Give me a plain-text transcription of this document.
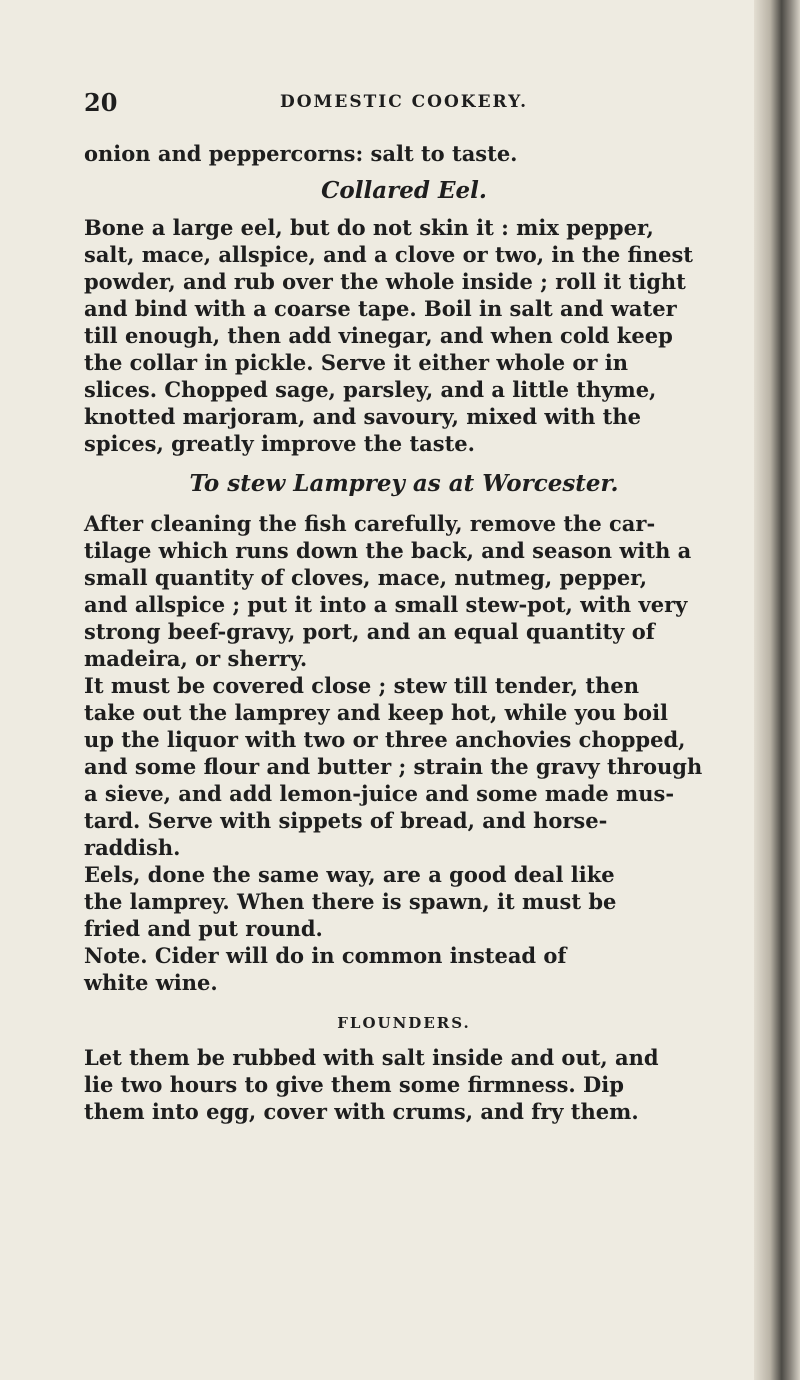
20	DOMESTIC COOKERY.
onion and peppercorns: salt to taste.
Collared Eel.
Bone a large eel, but do not skin it : mix pepper,
salt, mace, allspice, and a clove or two, in the finest
powder, and rub over the whole inside ; roll it tight
and bind with a coarse tape. Boil in salt and water
till enough, then add vinegar, and when cold keep
the collar in pickle. Serve it either whole or in
slices. Chopped sage, parsley, and a little thyme,
knotted marjoram, and savoury, mixed with the
spices, greatly improve the taste.
To stew Lamprey as at Worcester.
After cleaning the fish carefully, remove the car-
tilage which runs down the back, and season with a
small quantity of cloves, mace, nutmeg, pepper,
and allspice ; put it into a small stew-pot, with very
strong beef-gravy, port, and an equal quantity of
madeira, or sherry.
It must be covered close ; stew till tender, then
take out the lamprey and keep hot, while you boil
up the liquor with two or three anchovies chopped,
and some flour and butter ; strain the gravy through
a sieve, and add lemon-juice and some made mus-
tard. Serve with sippets of bread, and horse-
raddish.
Eels, done the same way, are a good deal like
the lamprey. When there is spawn, it must be
fried and put round.
Note. Cider will do in common instead of
white wine.
FLOUNDERS.
Let them be rubbed with salt inside and out, and
lie two hours to give them some firmness. Dip
them into egg, cover with crums, and fry them.
